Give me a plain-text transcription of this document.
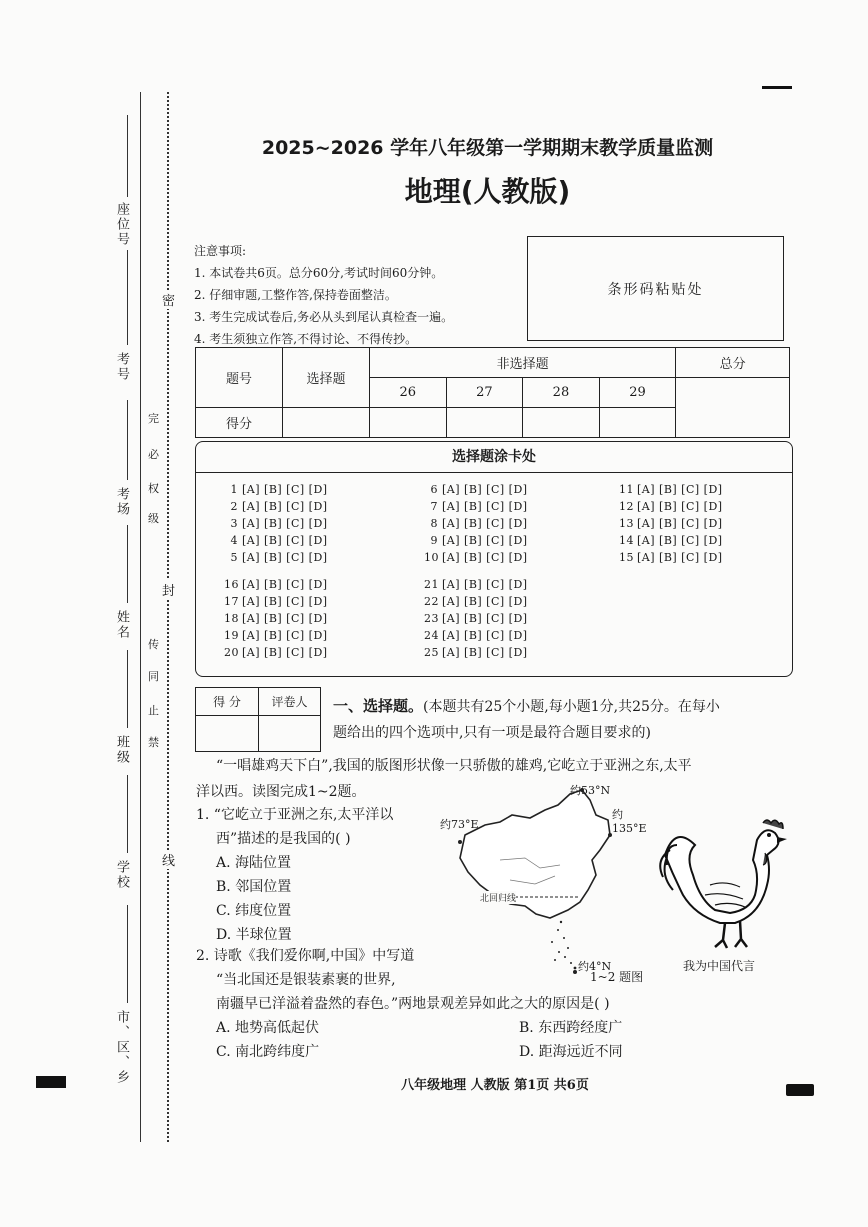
座位号
考号
考场
姓名
班级
学校
市、区、乡
密
封
线
完
必
权
级
传
同
止
禁
2025~2026 学年八年级第一学期期末教学质量监测
地理(人教版)
注意事项:
1. 本试卷共6页。总分60分,考试时间60分钟。
2. 仔细审题,工整作答,保持卷面整洁。
3. 考生完成试卷后,务必从头到尾认真检查一遍。
4. 考生须独立作答,不得讨论、不得传抄。
条形码粘贴处
题号	选择题	非选择题				总分
		26	27	28	29	
得分						
选择题涂卡处
1 [A] [B] [C] [D]
2 [A] [B] [C] [D]
3 [A] [B] [C] [D]
4 [A] [B] [C] [D]
5 [A] [B] [C] [D]
6 [A] [B] [C] [D]
7 [A] [B] [C] [D]
8 [A] [B] [C] [D]
9 [A] [B] [C] [D]
10 [A] [B] [C] [D]
11 [A] [B] [C] [D]
12 [A] [B] [C] [D]
13 [A] [B] [C] [D]
14 [A] [B] [C] [D]
15 [A] [B] [C] [D]
16 [A] [B] [C] [D]
17 [A] [B] [C] [D]
18 [A] [B] [C] [D]
19 [A] [B] [C] [D]
20 [A] [B] [C] [D]
21 [A] [B] [C] [D]
22 [A] [B] [C] [D]
23 [A] [B] [C] [D]
24 [A] [B] [C] [D]
25 [A] [B] [C] [D]
得 分	评卷人
	一、选择题。(本题共有25个小题,每小题1分,共25分。在每小
题给出的四个选项中,只有一项是最符合题目要求的)
“一唱雄鸡天下白”,我国的版图形状像一只骄傲的雄鸡,它屹立于亚洲之东,太平
洋以西。读图完成1~2题。
1. “它屹立于亚洲之东,太平洋以
西”描述的是我国的( )
A. 海陆位置
B. 邻国位置
C. 纬度位置
D. 半球位置
2. 诗歌《我们爱你啊,中国》中写道
“当北国还是银装素裹的世界,
南疆早已洋溢着盎然的春色。”两地景观差异如此之大的原因是( )
A. 地势高低起伏	B. 东西跨经度广
C. 南北跨纬度广	D. 距海远近不同
约53°N
约135°E
约73°E
北回归线
约4°N
1~2 题图
我为中国代言
八年级地理 人教版 第1页 共6页
